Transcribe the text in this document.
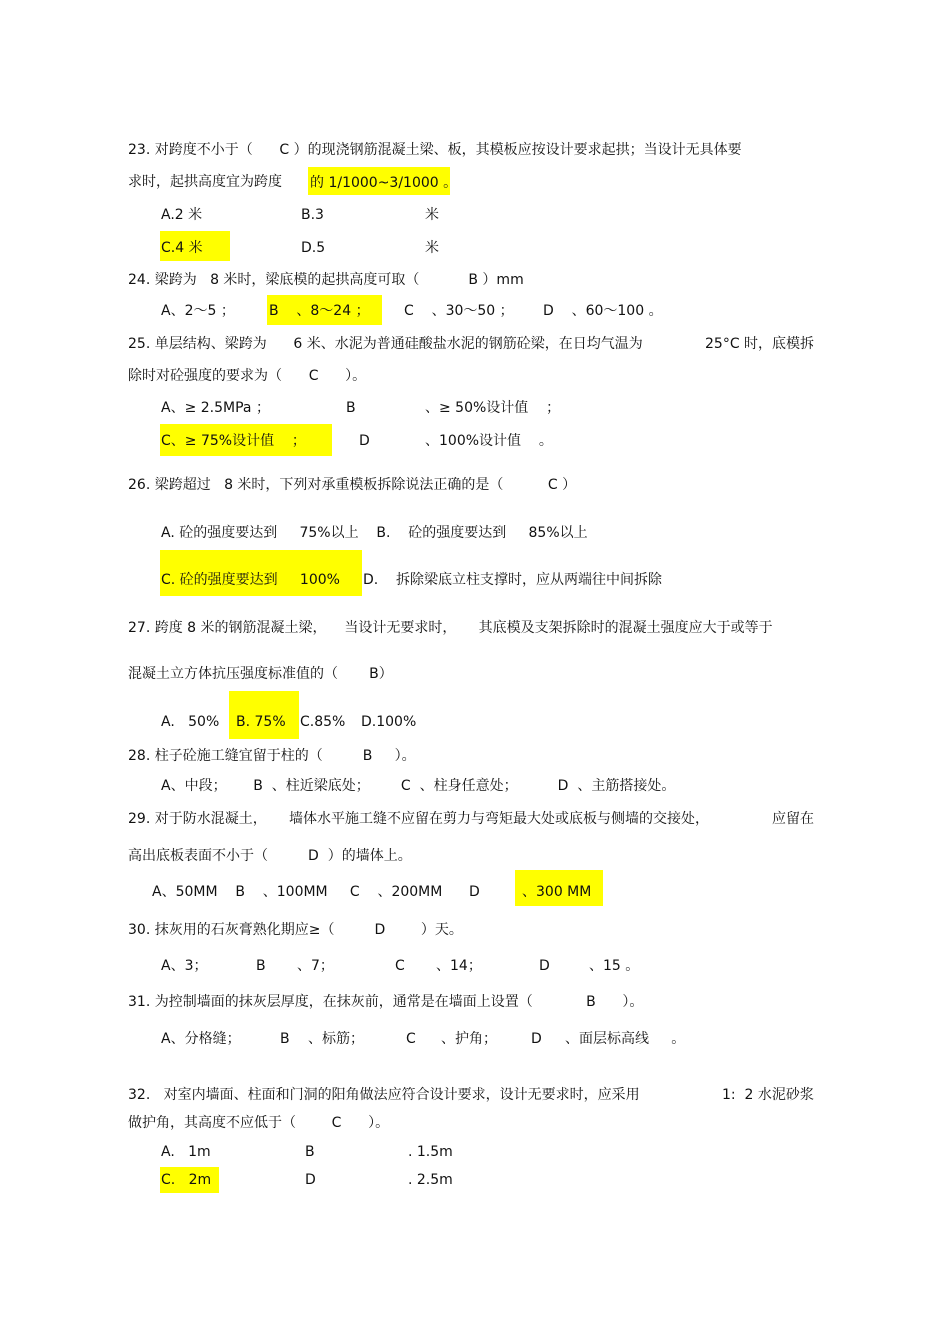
23. 对跨度不小于（      C ）的现浇钢筋混凝土梁、板，其模板应按设计要求起拱；当设计无具体要
求时，起拱高度宜为跨度 的 1/1000~3/1000 。
A.2 米	B.3	米
C.4 米	D.5	米
24. 梁跨为   8 米时，梁底模的起拱高度可取（           B ）mm
A、2～5 ； B    、8～24 ； C    、30～50 ； D    、60～100 。
25. 单层结构、梁跨为      6 米、水泥为普通硅酸盐水泥的钢筋砼梁，在日均气温为	25°C 时，底模拆
除时对砼强度的要求为（      C      ）。
A、≥ 2.5MPa ；	B	、≥ 50%设计值    ；
C、≥ 75%设计值    ；	D	、100%设计值    。
26. 梁跨超过   8 米时，下列对承重模板拆除说法正确的是（          C ）
A. 砼的强度要达到     75%以上    B.    砼的强度要达到     85%以上
C. 砼的强度要达到     100% D.    拆除梁底立柱支撑时，应从两端往中间拆除
27. 跨度 8 米的钢筋混凝土梁，    当设计无要求时，     其底模及支架拆除时的混凝土强度应大于或等于
混凝土立方体抗压强度标准值的（       B）
A.   50% B. 75% C.85% D.100%
28. 柱子砼施工缝宜留于柱的（         B     ）。
A、中段；      B  、柱近梁底处；       C  、柱身任意处；         D  、主筋搭接处。
29. 对于防水混凝土，     墙体水平施工缝不应留在剪力与弯矩最大处或底板与侧墙的交接处，	应留在
高出底板表面不小于（         D  ）的墙体上。
A、50MM    B    、100MM     C    、200MM      D	、300 MM
30. 抹灰用的石灰膏熟化期应≥（         D        ）天。
A、3；	B 、7；	C 、14；	D	、15 。
31. 为控制墙面的抹灰层厚度，在抹灰前，通常是在墙面上设置（            B      ）。
A、分格缝；	B 、标筋；	C 、护角； D 、面层标高线     。
32.   对室内墙面、柱面和门洞的阳角做法应符合设计要求，设计无要求时，应采用	1:  2 水泥砂浆
做护角，其高度不应低于（        C      ）。
A.   1m	B	. 1.5m
C.   2m	D	. 2.5m
